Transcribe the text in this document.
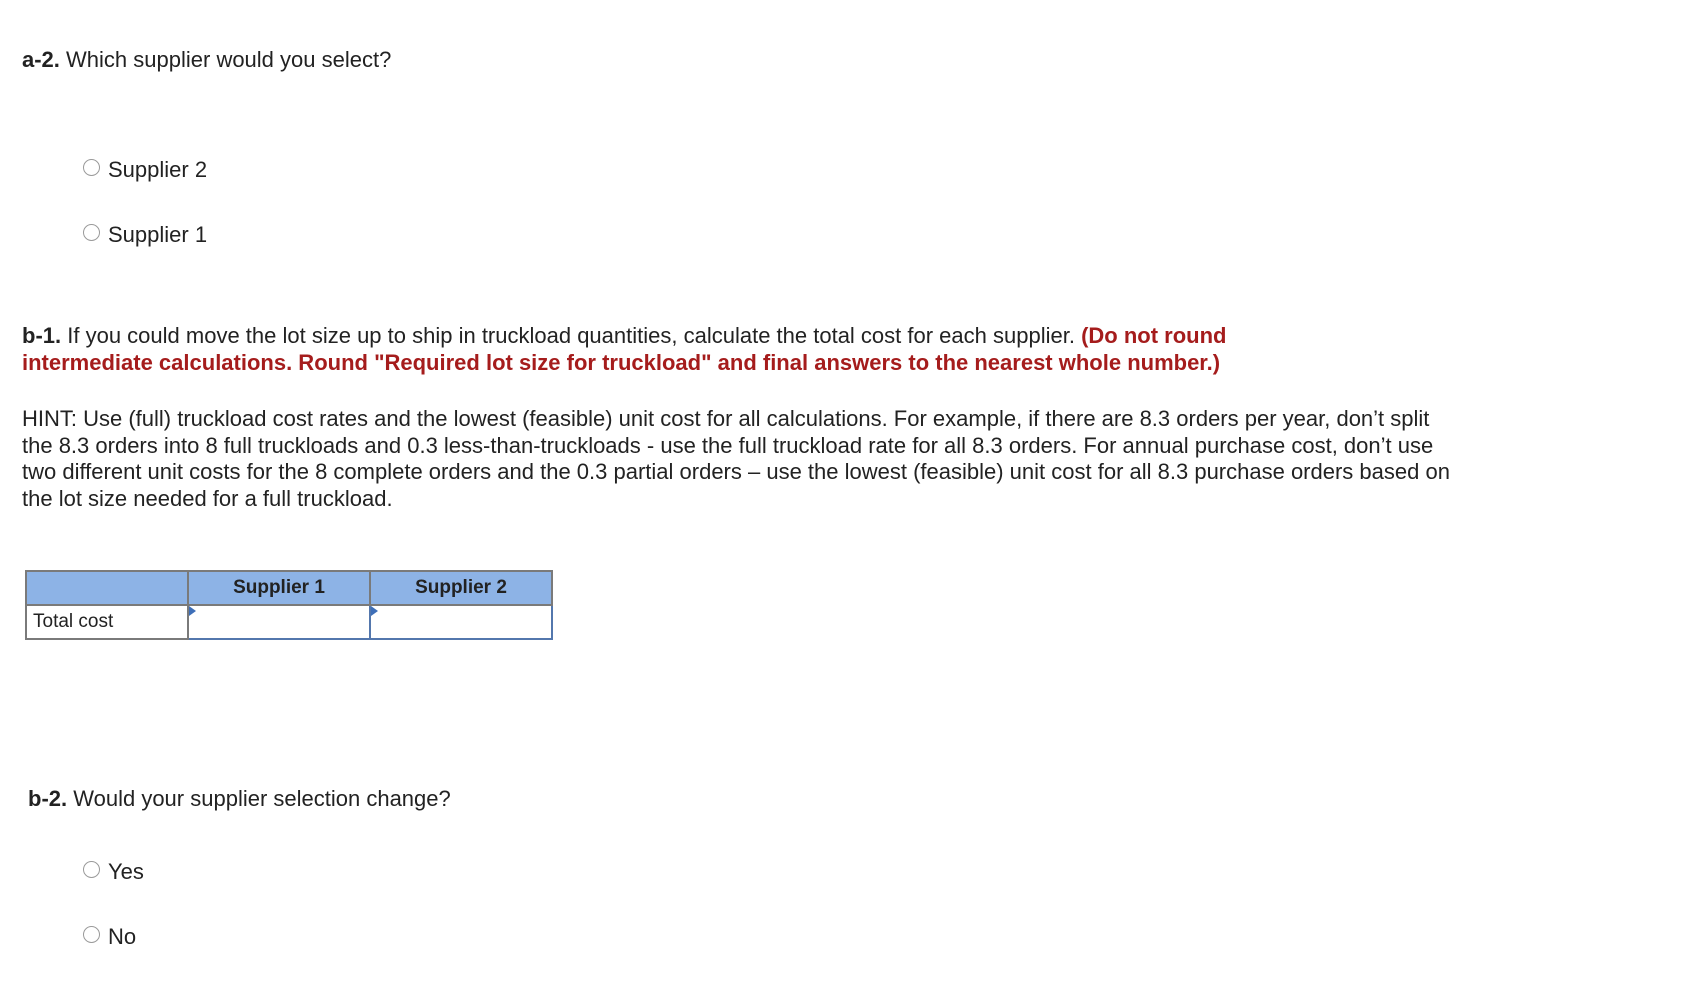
a-2. Which supplier would you select?
Supplier 2
Supplier 1
b-1. If you could move the lot size up to ship in truckload quantities, calculate the total cost for each supplier. (Do not round
intermediate calculations. Round "Required lot size for truckload" and final answers to the nearest whole number.)
HINT: Use (full) truckload cost rates and the lowest (feasible) unit cost for all calculations. For example, if there are 8.3 orders per year, don’t split the 8.3 orders into 8 full truckloads and 0.3 less-than-truckloads - use the full truckload rate for all 8.3 orders. For annual purchase cost, don’t use two different unit costs for the 8 complete orders and the 0.3 partial orders – use the lowest (feasible) unit cost for all 8.3 purchase orders based on the lot size needed for a full truckload.
	Supplier 1	Supplier 2
Total cost	

b-2. Would your supplier selection change?
Yes
No
